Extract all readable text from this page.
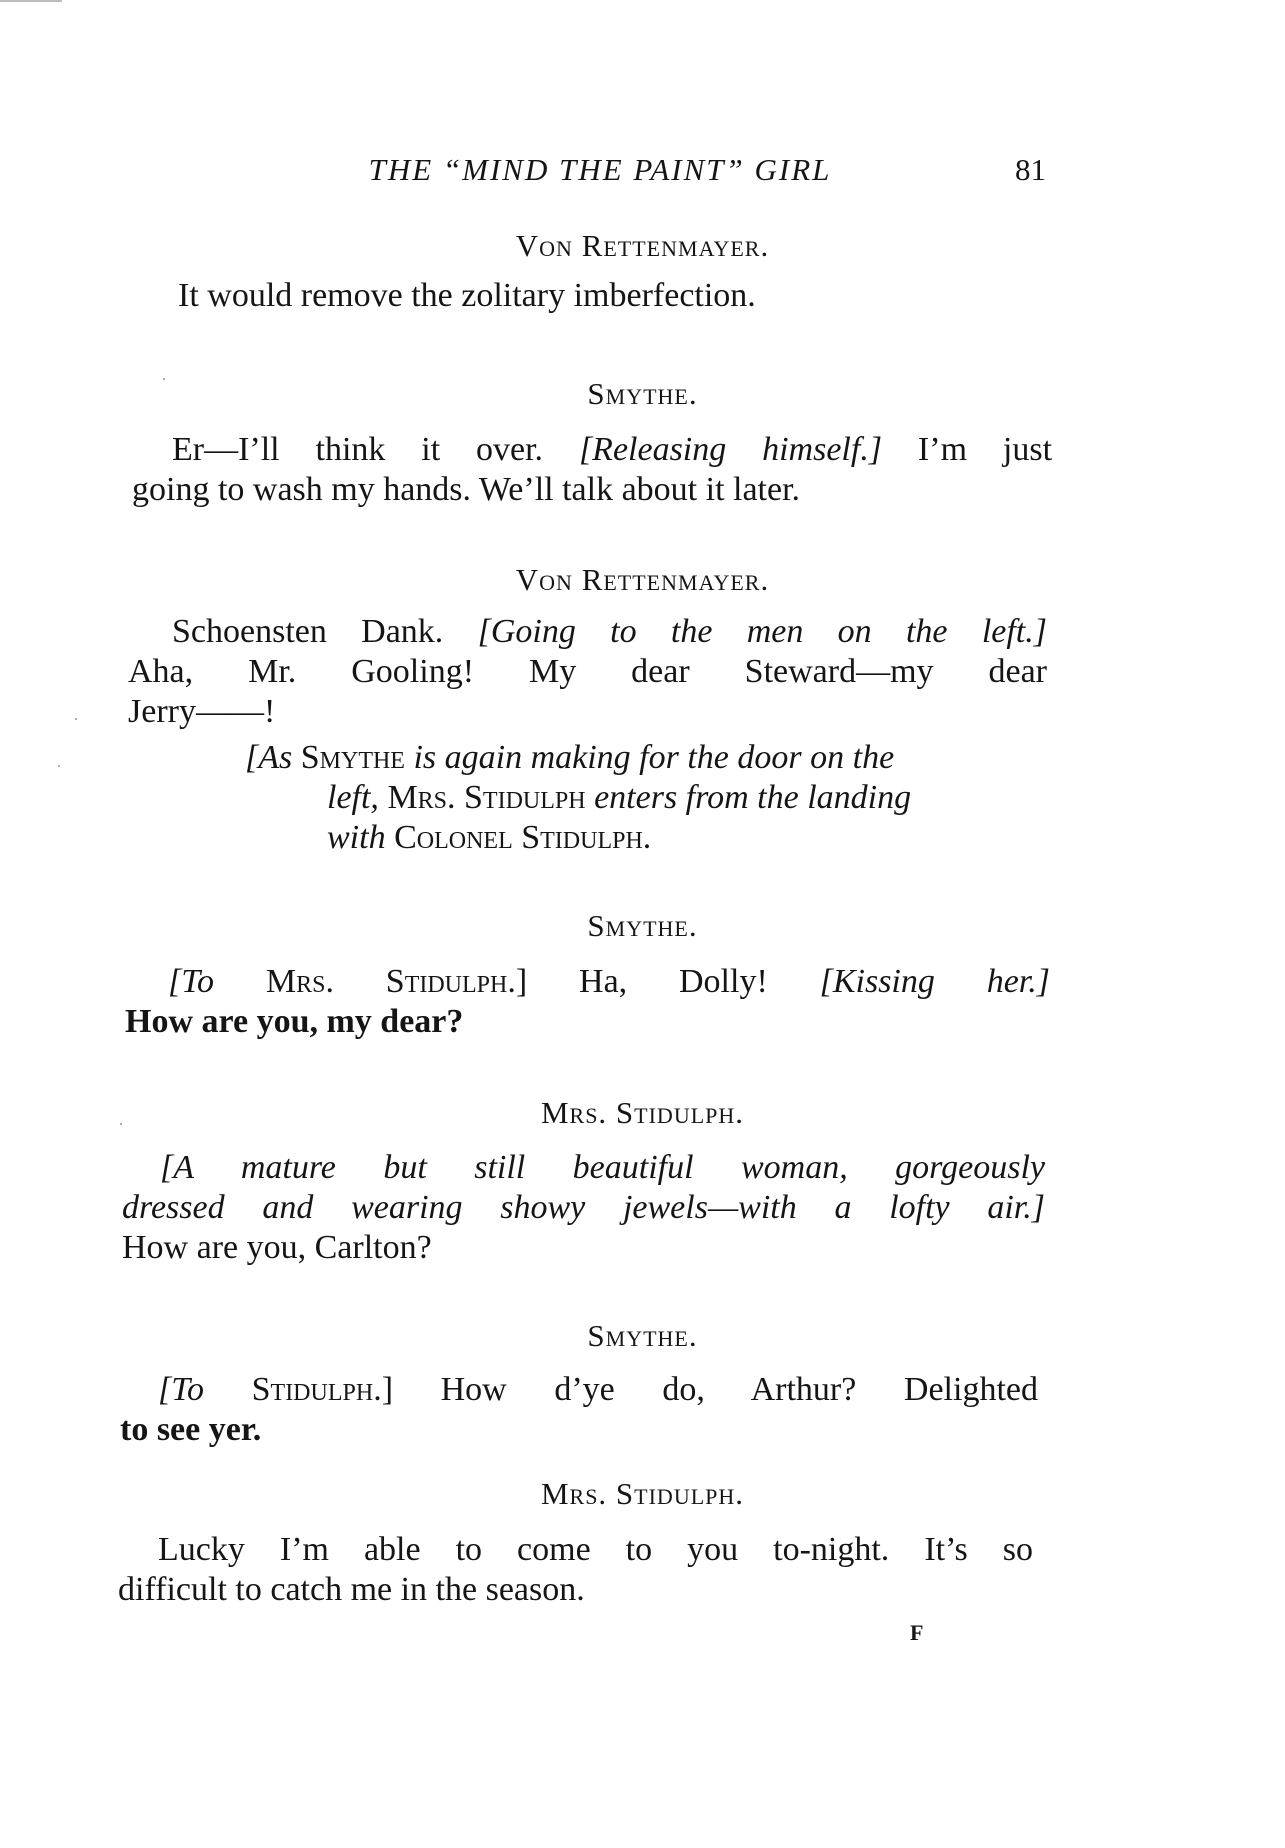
THE “MIND THE PAINT” GIRL	81
Von Rettenmayer.
It would remove the zolitary imberfection.
Smythe.
Er—I’ll think it over. [Releasing himself.] I’m just
going to wash my hands. We’ll talk about it later.
Von Rettenmayer.
Schoensten Dank. [Going to the men on the left.]
Aha, Mr. Gooling! My dear Steward—my dear
Jerry——!
[As Smythe is again making for the door on the
left, Mrs. Stidulph enters from the landing
with Colonel Stidulph.
Smythe.
[To Mrs. Stidulph.] Ha, Dolly! [Kissing her.]
How are you, my dear?
Mrs. Stidulph.
[A mature but still beautiful woman, gorgeously
dressed and wearing showy jewels—with a lofty air.]
How are you, Carlton?
Smythe.
[To Stidulph.] How d’ye do, Arthur? Delighted
to see yer.
Mrs. Stidulph.
Lucky I’m able to come to you to-night. It’s so
difficult to catch me in the season.
F
